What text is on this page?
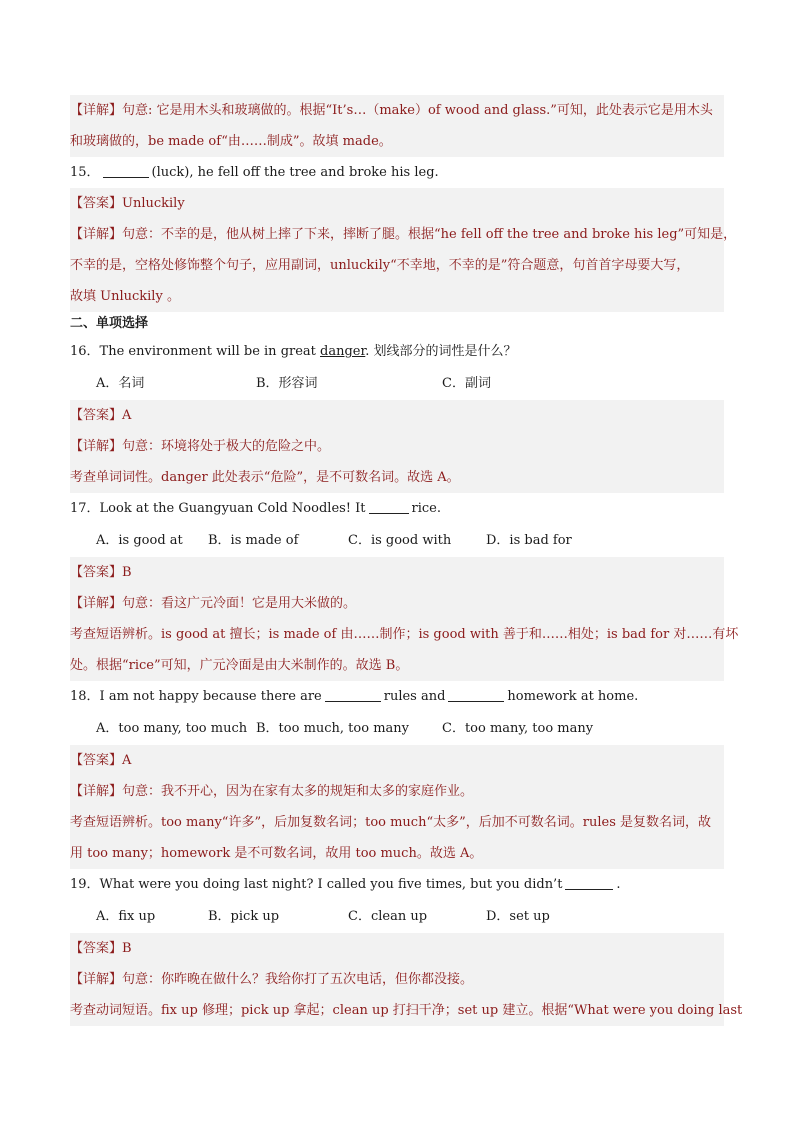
【详解】句意: 它是用木头和玻璃做的。根据“It’s…（make）of wood and glass.”可知，此处表示它是用木头
和玻璃做的，be made of“由……制成”。故填 made。
15．	(luck), he fell off the tree and broke his leg.
【答案】Unluckily
【详解】句意：不幸的是，他从树上摔了下来，摔断了腿。根据“he fell off the tree and broke his leg”可知是，
不幸的是，空格处修饰整个句子，应用副词，unluckily“不幸地，不幸的是”符合题意，句首首字母要大写，
故填 Unluckily 。
二、单项选择
16．The environment will be in great danger. 划线部分的词性是什么？
A．名词	B．形容词	C．副词
【答案】A
【详解】句意：环境将处于极大的危险之中。
考查单词词性。danger 此处表示“危险”，是不可数名词。故选 A。
17．Look at the Guangyuan Cold Noodles! It	rice.
A．is good at	B．is made of	C．is good with	D．is bad for
【答案】B
【详解】句意：看这广元冷面！它是用大米做的。
考查短语辨析。is good at 擅长；is made of 由……制作；is good with 善于和……相处；is bad for 对……有坏
处。根据“rice”可知，广元冷面是由大米制作的。故选 B。
18．I am not happy because there are	rules and	homework at home.
A．too many, too much B．too much, too many	C．too many, too many
【答案】A
【详解】句意：我不开心，因为在家有太多的规矩和太多的家庭作业。
考查短语辨析。too many“许多”，后加复数名词；too much“太多”，后加不可数名词。rules 是复数名词，故
用 too many；homework 是不可数名词，故用 too much。故选 A。
19．What were you doing last night? I called you five times, but you didn’t	.
A．fix up	B．pick up	C．clean up	D．set up
【答案】B
【详解】句意：你昨晚在做什么？我给你打了五次电话，但你都没接。
考查动词短语。fix up 修理；pick up 拿起；clean up 打扫干净；set up 建立。根据“What were you doing last
